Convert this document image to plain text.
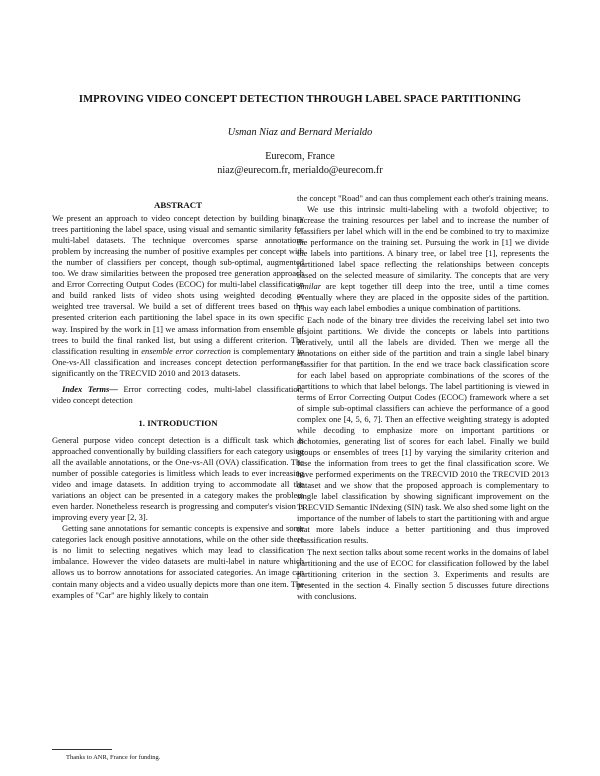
IMPROVING VIDEO CONCEPT DETECTION THROUGH LABEL SPACE PARTITIONING
Usman Niaz and Bernard Merialdo
Eurecom, France
niaz@eurecom.fr, merialdo@eurecom.fr
ABSTRACT

We present an approach to video concept detection by building binary trees partitioning the label space, using visual and semantic similarity for multi-label datasets. The technique overcomes sparse annotations problem by increasing the number of positive examples per concept with the number of classifiers per concept, though sub-optimal, augmented too. We draw similarities between the proposed tree generation approach and Error Correcting Output Codes (ECOC) for multi-label classification and build ranked lists of video shots using weighted decoding or weighted tree traversal. We build a set of different trees based on the presented criterion each partitioning the label space in its own specific way. Inspired by the work in [1] we amass information from ensemble of trees to build the final ranked list, but using a different criterion. The classification resulting in ensemble error correction is complementary to One-vs-All classification and increases concept detection performance significantly on the TRECVID 2010 and 2013 datasets.

Index Terms— Error correcting codes, multi-label classification, video concept detection

1. INTRODUCTION

General purpose video concept detection is a difficult task which is approached conventionally by building classifiers for each category using all the available annotations, or the One-vs-All (OVA) classification. The number of possible categories is limitless which leads to ever increasing video and image datasets. In addition trying to accommodate all the variations an object can be presented in a category makes the problem even harder. Nonetheless research is progressing and computer's vision is improving every year [2, 3].

Getting sane annotations for semantic concepts is expensive and some categories lack enough positive annotations, while on the other side there is no limit to selecting negatives which may lead to classification imbalance. However the video datasets are multi-label in nature which allows us to borrow annotations for associated categories. An image can contain many objects and a video usually depicts more than one item. The examples of "Car" are highly likely to contain

the concept "Road" and can thus complement each other's training means.

We use this intrinsic multi-labeling with a twofold objective; to increase the training resources per label and to increase the number of classifiers per label which will in the end be combined to try to maximize the performance on the training set. Pursuing the work in [1] we divide the labels into partitions. A binary tree, or label tree [1], represents the partitioned label space reflecting the relationships between concepts based on the selected measure of similarity. The concepts that are very similar are kept together till deep into the tree, until a time comes eventually where they are placed in the opposite sides of the partition. This way each label embodies a unique combination of partitions.

Each node of the binary tree divides the receiving label set into two disjoint partitions. We divide the concepts or labels into partitions iteratively, until all the labels are divided. Then we merge all the annotations on either side of the partition and train a single label binary classifier for that partition. In the end we trace back classification score for each label based on appropriate combinations of the scores of the partitions to which that label belongs. The label partitioning is viewed in terms of Error Correcting Output Codes (ECOC) framework where a set of simple sub-optimal classifiers can achieve the performance of a good complex one [4, 5, 6, 7]. Then an effective weighting strategy is adopted while decoding to emphasize more on important partitions or dichotomies, generating list of scores for each label. Finally we build groups or ensembles of trees [1] by varying the similarity criterion and fuse the information from trees to get the final classification score. We have performed experiments on the TRECVID 2010 the TRECVID 2013 dataset and we show that the proposed approach is complementary to single label classification by showing significant improvement on the TRECVID Semantic INdexing (SIN) task. We also shed some light on the importance of the number of labels to start the partitioning with and argue that more labels induce a better partitioning and thus improved classification results.

The next section talks about some recent works in the domains of label partitioning and the use of ECOC for classification followed by the label partitioning criterion in the section 3. Experiments and results are presented in the section 4. Finally section 5 discusses future directions with conclusions.

Thanks to ANR, France for funding.
